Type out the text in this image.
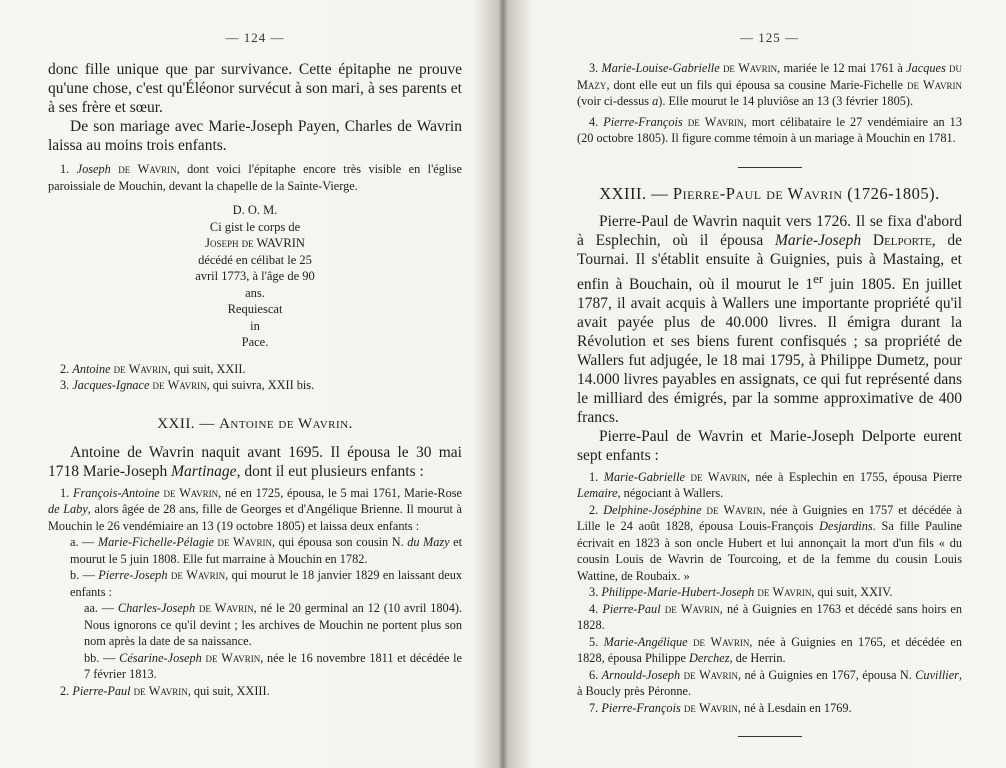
— 124 —

donc fille unique que par survivance. Cette épitaphe ne prouve qu'une chose, c'est qu'Éléonor survécut à son mari, à ses parents et à ses frère et sœur.

De son mariage avec Marie-Joseph Payen, Charles de Wavrin laissa au moins trois enfants.

1. Joseph de Wavrin, dont voici l'épitaphe encore très visible en l'église paroissiale de Mouchin, devant la chapelle de la Sainte-Vierge.

D. O. M.
Ci gist le corps de
Joseph de WAVRIN
décédé en célibat le 25
avril 1773, à l'âge de 90
ans.
Requiescat
in
Pace.

2. Antoine de Wavrin, qui suit, XXII.

3. Jacques-Ignace de Wavrin, qui suivra, XXII bis.

XXII. — Antoine de Wavrin.

Antoine de Wavrin naquit avant 1695. Il épousa le 30 mai 1718 Marie-Joseph Martinage, dont il eut plusieurs enfants :

1. François-Antoine de Wavrin, né en 1725, épousa, le 5 mai 1761, Marie-Rose de Laby, alors âgée de 28 ans, fille de Georges et d'Angélique Brienne. Il mourut à Mouchin le 26 vendémiaire an 13 (19 octobre 1805) et laissa deux enfants :

a. — Marie-Fichelle-Pélagie de Wavrin, qui épousa son cousin N. du Mazy et mourut le 5 juin 1808. Elle fut marraine à Mouchin en 1782.

b. — Pierre-Joseph de Wavrin, qui mourut le 18 janvier 1829 en laissant deux enfants :

aa. — Charles-Joseph de Wavrin, né le 20 germinal an 12 (10 avril 1804). Nous ignorons ce qu'il devint ; les archives de Mouchin ne portent plus son nom après la date de sa naissance.

bb. — Césarine-Joseph de Wavrin, née le 16 novembre 1811 et décédée le 7 février 1813.

2. Pierre-Paul de Wavrin, qui suit, XXIII.

— 125 —

3. Marie-Louise-Gabrielle de Wavrin, mariée le 12 mai 1761 à Jacques du Mazy, dont elle eut un fils qui épousa sa cousine Marie-Fichelle de Wavrin (voir ci-dessus a). Elle mourut le 14 pluviôse an 13 (3 février 1805).

4. Pierre-François de Wavrin, mort célibataire le 27 vendémiaire an 13 (20 octobre 1805). Il figure comme témoin à un mariage à Mouchin en 1781.

XXIII. — Pierre-Paul de Wavrin (1726-1805).

Pierre-Paul de Wavrin naquit vers 1726. Il se fixa d'abord à Esplechin, où il épousa Marie-Joseph Delporte, de Tournai. Il s'établit ensuite à Guignies, puis à Mastaing, et enfin à Bouchain, où il mourut le 1er juin 1805. En juillet 1787, il avait acquis à Wallers une importante propriété qu'il avait payée plus de 40.000 livres. Il émigra durant la Révolution et ses biens furent confisqués ; sa propriété de Wallers fut adjugée, le 18 mai 1795, à Philippe Dumetz, pour 14.000 livres payables en assignats, ce qui fut représenté dans le milliard des émigrés, par la somme approximative de 400 francs.

Pierre-Paul de Wavrin et Marie-Joseph Delporte eurent sept enfants :

1. Marie-Gabrielle de Wavrin, née à Esplechin en 1755, épousa Pierre Lemaire, négociant à Wallers.

2. Delphine-Joséphine de Wavrin, née à Guignies en 1757 et décédée à Lille le 24 août 1828, épousa Louis-François Desjardins. Sa fille Pauline écrivait en 1823 à son oncle Hubert et lui annonçait la mort d'un fils « du cousin Louis de Wavrin de Tourcoing, et de la femme du cousin Louis Wattine, de Roubaix. »

3. Philippe-Marie-Hubert-Joseph de Wavrin, qui suit, XXIV.

4. Pierre-Paul de Wavrin, né à Guignies en 1763 et décédé sans hoirs en 1828.

5. Marie-Angélique de Wavrin, née à Guignies en 1765, et décédée en 1828, épousa Philippe Derchez, de Herrin.

6. Arnould-Joseph de Wavrin, né à Guignies en 1767, épousa N. Cuvillier, à Boucly près Péronne.

7. Pierre-François de Wavrin, né à Lesdain en 1769.
